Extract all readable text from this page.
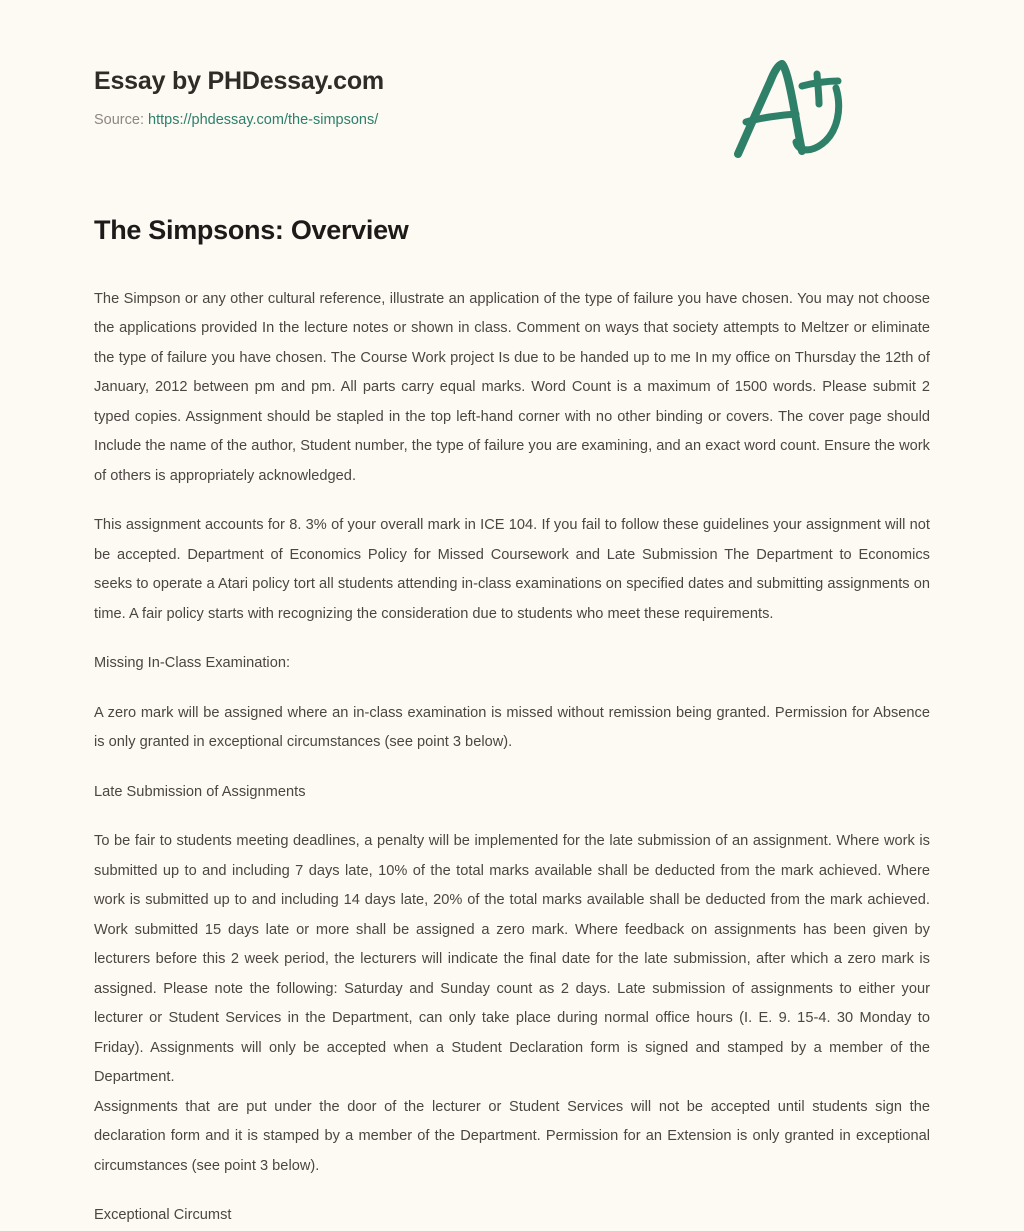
Essay by PHDessay.com
Source: https://phdessay.com/the-simpsons/
The Simpsons: Overview

The Simpson or any other cultural reference, illustrate an application of the type of failure you have chosen. You may not choose the applications provided In the lecture notes or shown in class. Comment on ways that society attempts to Meltzer or eliminate the type of failure you have chosen. The Course Work project Is due to be handed up to me In my office on Thursday the 12th of January, 2012 between pm and pm. All parts carry equal marks. Word Count is a maximum of 1500 words. Please submit 2 typed copies. Assignment should be stapled in the top left-hand corner with no other binding or covers. The cover page should Include the name of the author, Student number, the type of failure you are examining, and an exact word count. Ensure the work of others is appropriately acknowledged.

This assignment accounts for 8. 3% of your overall mark in ICE 104. If you fail to follow these guidelines your assignment will not be accepted. Department of Economics Policy for Missed Coursework and Late Submission The Department to Economics seeks to operate a Atari policy tort all students attending in-class examinations on specified dates and submitting assignments on time. A fair policy starts with recognizing the consideration due to students who meet these requirements.

Missing In-Class Examination:

A zero mark will be assigned where an in-class examination is missed without remission being granted. Permission for Absence is only granted in exceptional circumstances (see point 3 below).

Late Submission of Assignments

To be fair to students meeting deadlines, a penalty will be implemented for the late submission of an assignment. Where work is submitted up to and including 7 days late, 10% of the total marks available shall be deducted from the mark achieved. Where work is submitted up to and including 14 days late, 20% of the total marks available shall be deducted from the mark achieved. Work submitted 15 days late or more shall be assigned a zero mark. Where feedback on assignments has been given by lecturers before this 2 week period, the lecturers will indicate the final date for the late submission, after which a zero mark is assigned. Please note the following: Saturday and Sunday count as 2 days. Late submission of assignments to either your lecturer or Student Services in the Department, can only take place during normal office hours (I. E. 9. 15-4. 30 Monday to Friday). Assignments will only be accepted when a Student Declaration form is signed and stamped by a member of the Department.

Assignments that are put under the door of the lecturer or Student Services will not be accepted until students sign the declaration form and it is stamped by a member of the Department. Permission for an Extension is only granted in exceptional circumstances (see point 3 below).

Exceptional Circumst
